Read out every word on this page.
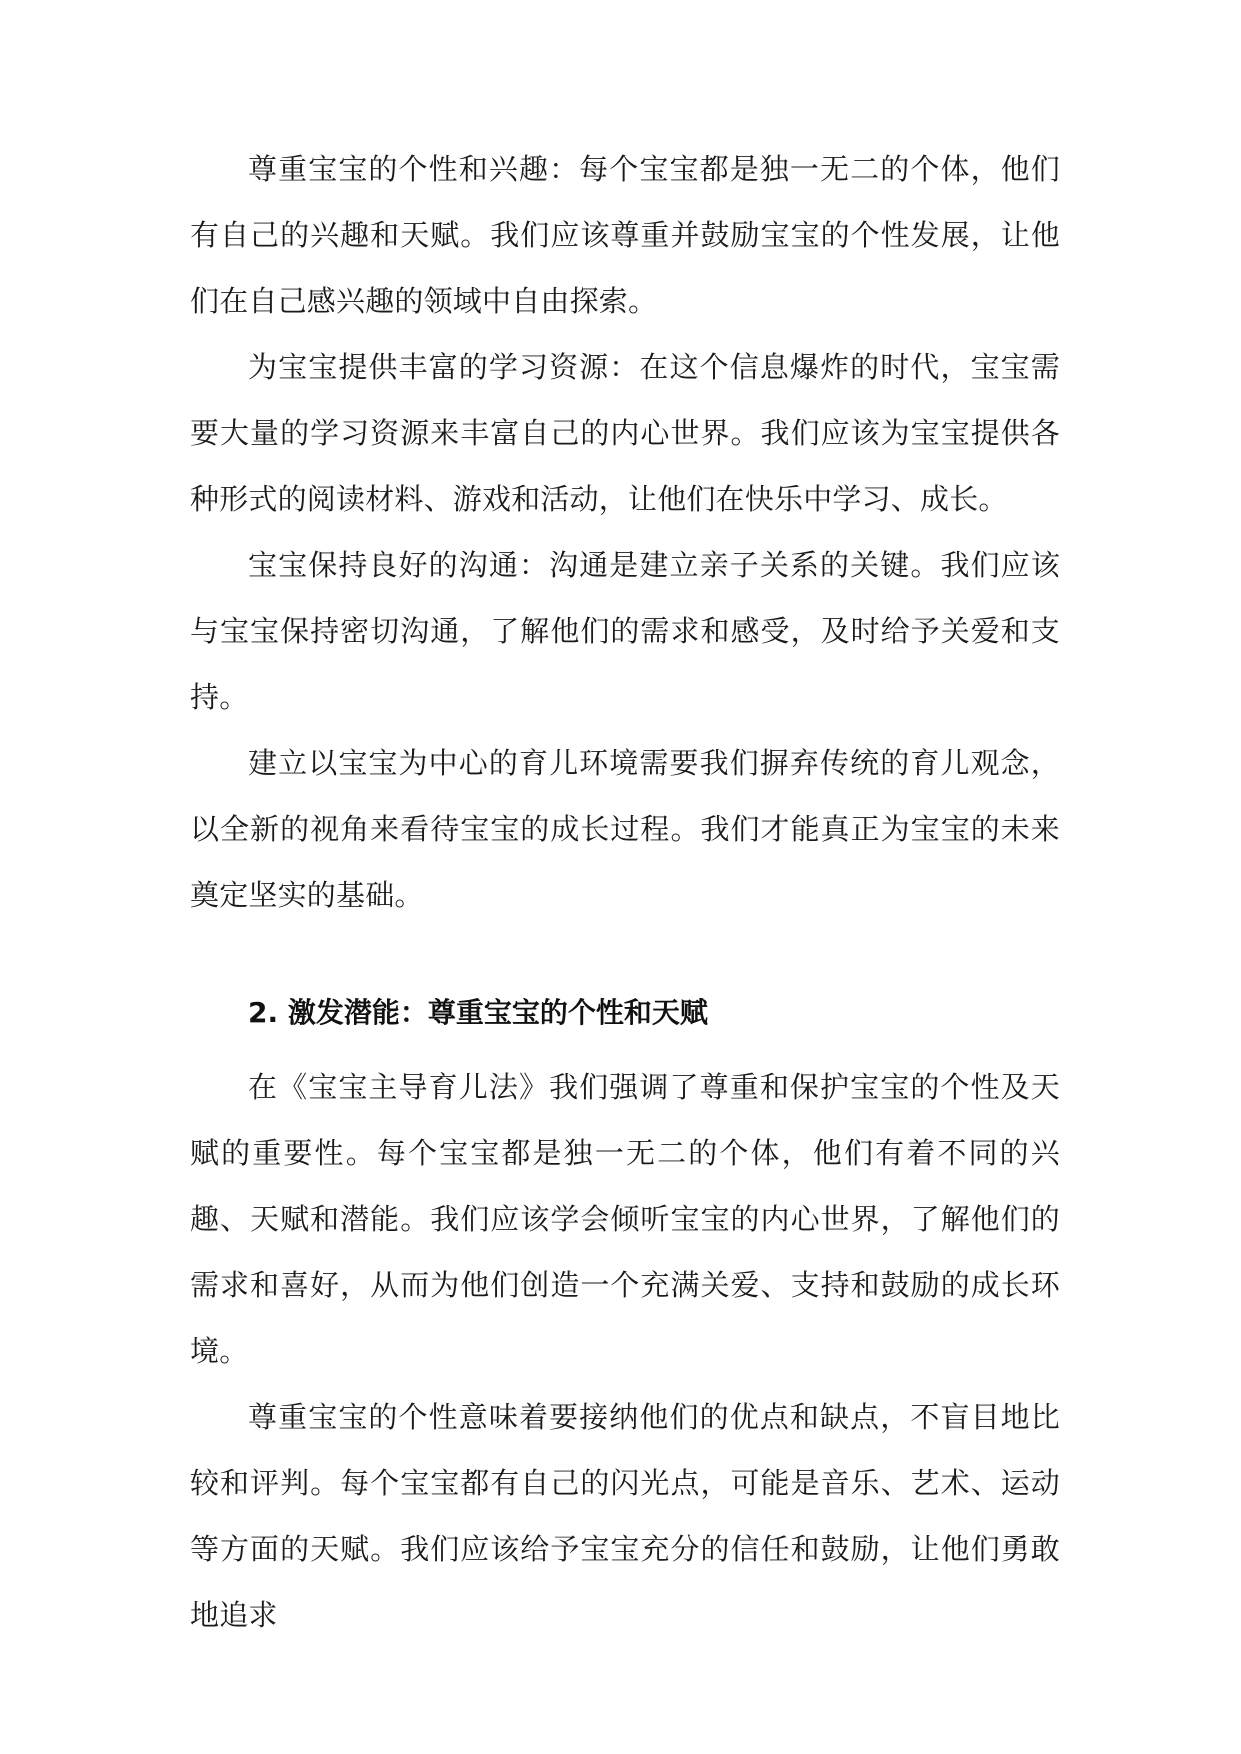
尊重宝宝的个性和兴趣：每个宝宝都是独一无二的个体，他们有自己的兴趣和天赋。我们应该尊重并鼓励宝宝的个性发展，让他们在自己感兴趣的领域中自由探索。

为宝宝提供丰富的学习资源：在这个信息爆炸的时代，宝宝需要大量的学习资源来丰富自己的内心世界。我们应该为宝宝提供各种形式的阅读材料、游戏和活动，让他们在快乐中学习、成长。

宝宝保持良好的沟通：沟通是建立亲子关系的关键。我们应该与宝宝保持密切沟通，了解他们的需求和感受，及时给予关爱和支持。

建立以宝宝为中心的育儿环境需要我们摒弃传统的育儿观念，以全新的视角来看待宝宝的成长过程。我们才能真正为宝宝的未来奠定坚实的基础。

2. 激发潜能：尊重宝宝的个性和天赋

在《宝宝主导育儿法》我们强调了尊重和保护宝宝的个性及天赋的重要性。每个宝宝都是独一无二的个体，他们有着不同的兴趣、天赋和潜能。我们应该学会倾听宝宝的内心世界，了解他们的需求和喜好，从而为他们创造一个充满关爱、支持和鼓励的成长环境。

尊重宝宝的个性意味着要接纳他们的优点和缺点，不盲目地比较和评判。每个宝宝都有自己的闪光点，可能是音乐、艺术、运动等方面的天赋。我们应该给予宝宝充分的信任和鼓励，让他们勇敢地追求
